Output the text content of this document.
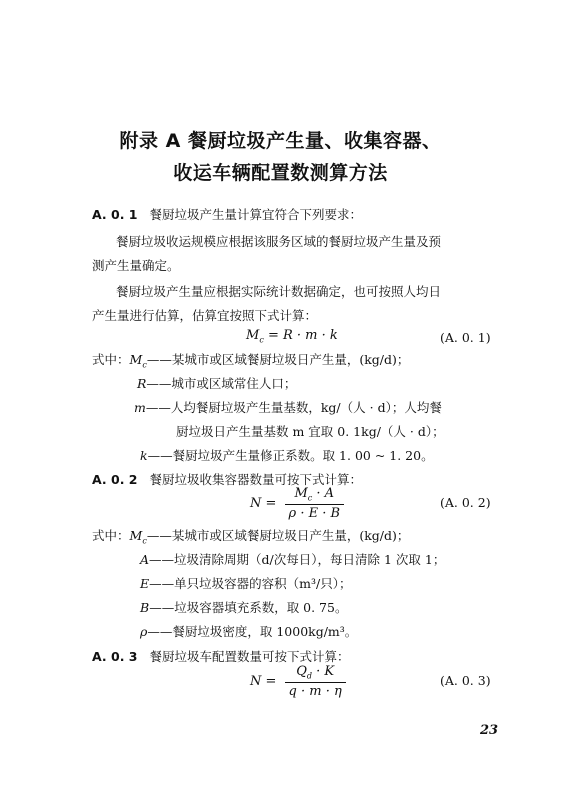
附录 A 餐厨垃圾产生量、收集容器、
收运车辆配置数测算方法
A. 0. 1 餐厨垃圾产生量计算宜符合下列要求：
餐厨垃圾收运规模应根据该服务区域的餐厨垃圾产生量及预
测产生量确定。
餐厨垃圾产生量应根据实际统计数据确定，也可按照人均日
产生量进行估算，估算宜按照下式计算：
$M_c = R \cdot m \cdot k$	(A. 0. 1)
式中：$M_c——$某城市或区域餐厨垃圾日产生量，(kg/d)；
R——城市或区域常住人口；
m——人均餐厨垃圾产生量基数，kg/（人 · d）；人均餐
厨垃圾日产生量基数 m 宜取 0. 1kg/（人 · d）；
k——餐厨垃圾产生量修正系数。取 1. 00 ~ 1. 20。
A. 0. 2 餐厨垃圾收集容器数量可按下式计算：
$N = \frac{M_c \cdot A}{\rho \cdot E \cdot B}$	(A. 0. 2)
式中：$M_c——$某城市或区域餐厨垃圾日产生量，(kg/d)；
A——垃圾清除周期（d/次每日），每日清除 1 次取 1；
E——单只垃圾容器的容积（m³/只）；
B——垃圾容器填充系数，取 0. 75。
ρ——餐厨垃圾密度，取 1000kg/m³。
A. 0. 3 餐厨垃圾车配置数量可按下式计算：
$N = \frac{Q_d \cdot K}{q \cdot m \cdot \eta}$	(A. 0. 3)
23
